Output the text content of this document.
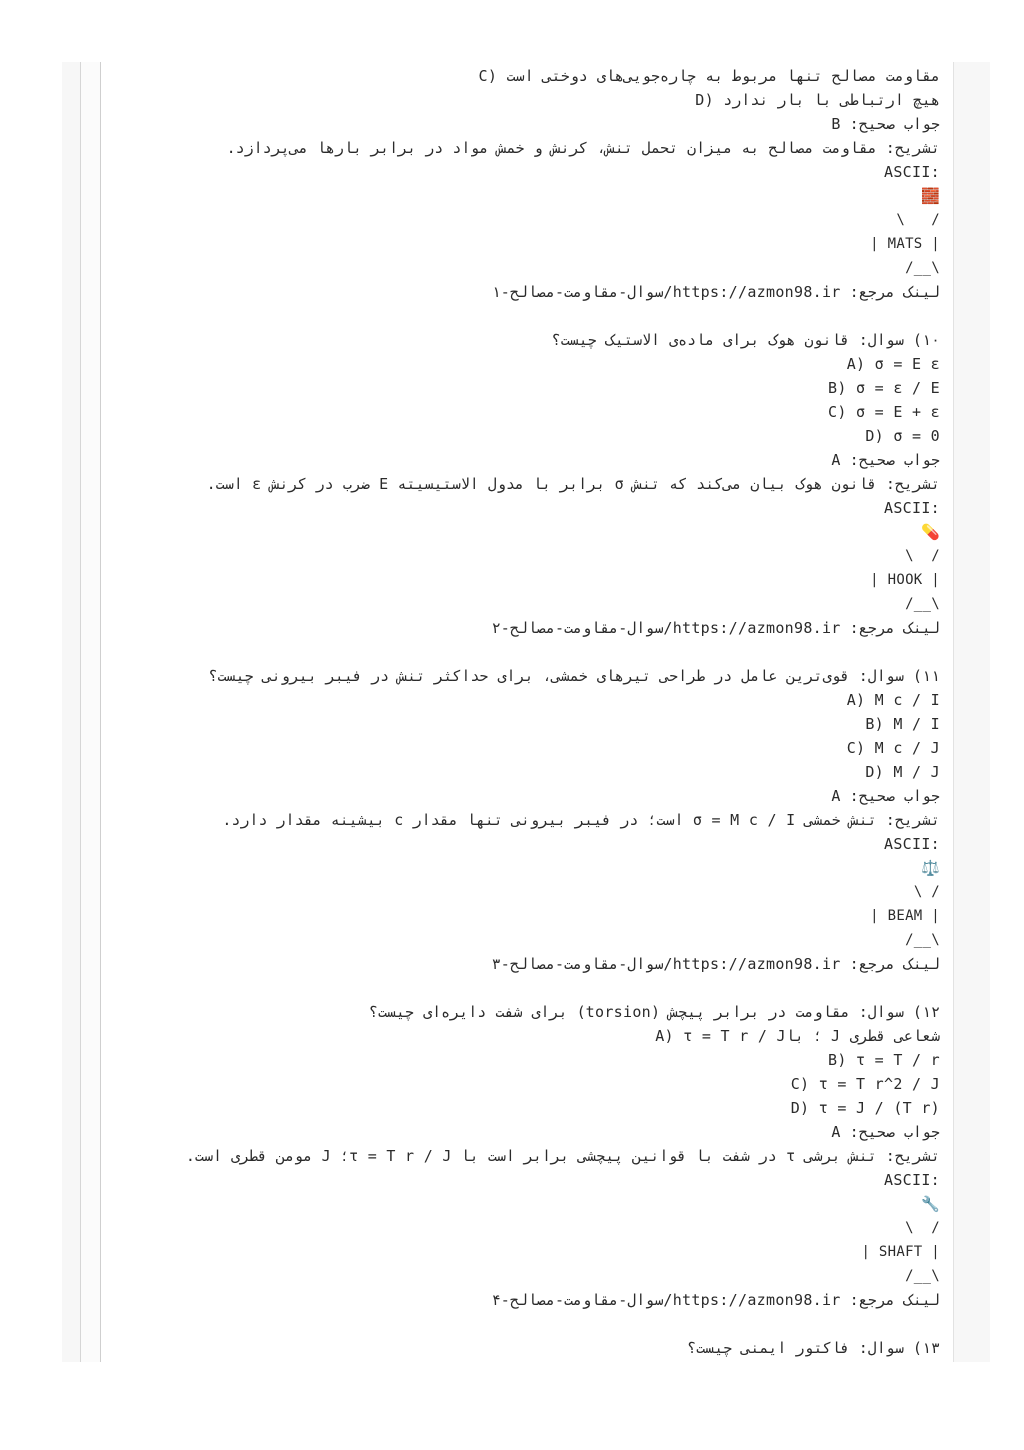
C) مقاومت مصالح تنها مربوط به چاره‌جویی‌های دوختی است
D) هیچ ارتباطی با بار ندارد
جواب صحیح: B
تشریح: مقاومت مصالح به میزان تحمل تنش، کرنش و خمش مواد در برابر بارها می‌پردازد.
ASCII:
🧱
\   /
| MATS |
/__\
لینک مرجع: https://azmon98.ir/سوال-مقاومت-مصالح-۱
۱۰) سوال: قانون هوک برای ماده‌ی الاستیک چیست؟
A) σ = E ε
B) σ = ε / E
C) σ = E + ε
D) σ = 0
جواب صحیح: A
تشریح: قانون هوک بیان می‌کند که تنش σ برابر با مدول الاستیسیته E ضرب در کرنش ε است.
ASCII:
💊
\  /
| HOOK |
/__\
لینک مرجع: https://azmon98.ir/سوال-مقاومت-مصالح-۲
۱۱) سوال: قوی‌ترین عامل در طراحی تیرهای خمشی، برای حداکثر تنش در فیبر بیرونی چیست؟
A) M c / I
B) M / I
C) M c / J
D) M / J
جواب صحیح: A
تشریح: تنش خمشی σ = M c / I است؛ در فیبر بیرونی تنها مقدار c بیشینه مقدار دارد.
ASCII:
⚖️
\ /
| BEAM |
/__\
لینک مرجع: https://azmon98.ir/سوال-مقاومت-مصالح-۳
۱۲) سوال: مقاومت در برابر پیچش (torsion) برای شفت دایره‌ای چیست؟
A) τ = T r / J؛ با J شعاعی قطری
B) τ = T / r
C) τ = T r^2 / J
D) τ = J / (T r)
جواب صحیح: A
تشریح: تنش برشی τ در شفت با قوانین پیچشی برابر است با τ = T r / J؛ J مومن قطری است.
ASCII:
🔧
\  /
| SHAFT |
/__\
لینک مرجع: https://azmon98.ir/سوال-مقاومت-مصالح-۴
۱۳) سوال: فاکتور ایمنی چیست؟
